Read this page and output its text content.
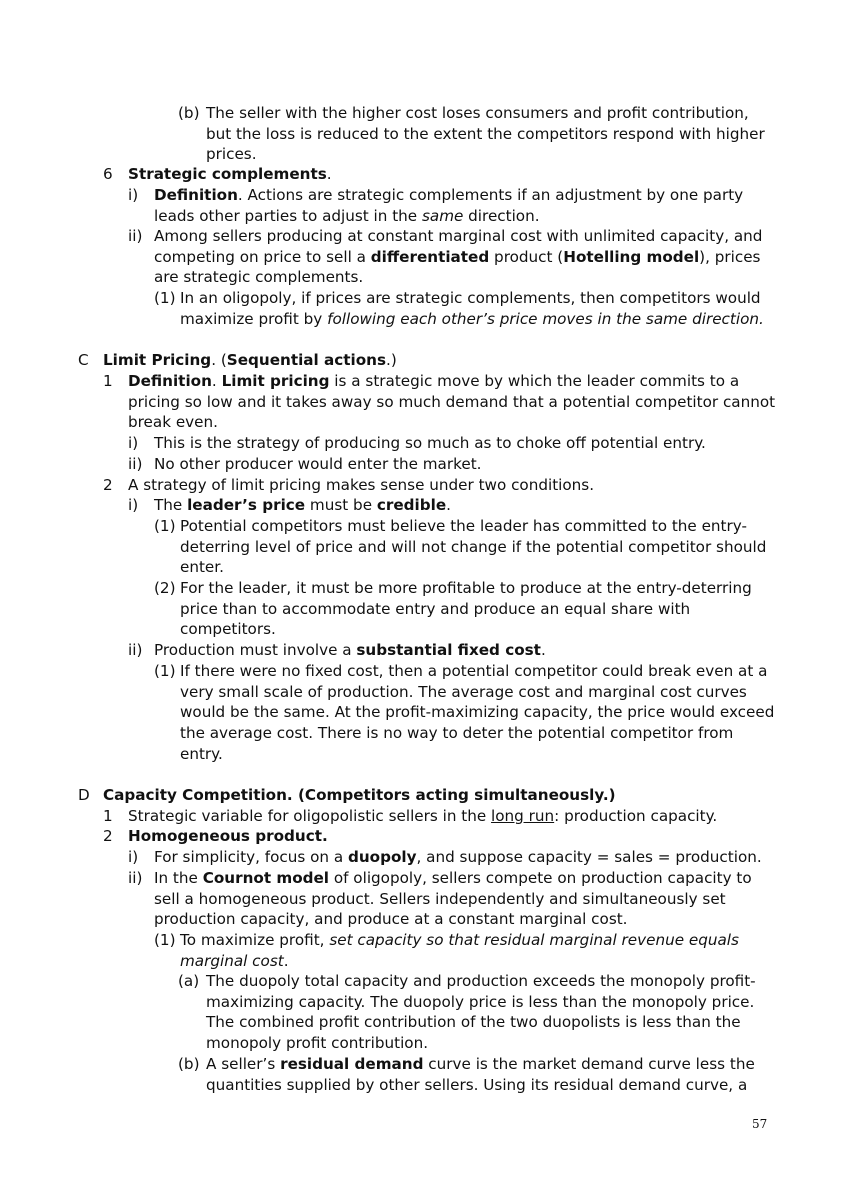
(b) The seller with the higher cost loses consumers and profit contribution,
but the loss is reduced to the extent the competitors respond with higher
prices.
6 Strategic complements.
i) Definition. Actions are strategic complements if an adjustment by one party
leads other parties to adjust in the same direction.
ii) Among sellers producing at constant marginal cost with unlimited capacity, and
competing on price to sell a differentiated product (Hotelling model), prices
are strategic complements.
(1) In an oligopoly, if prices are strategic complements, then competitors would
maximize profit by following each other’s price moves in the same direction.
C Limit Pricing. (Sequential actions.)
1 Definition. Limit pricing is a strategic move by which the leader commits to a
pricing so low and it takes away so much demand that a potential competitor cannot
break even.
i) This is the strategy of producing so much as to choke off potential entry.
ii) No other producer would enter the market.
2 A strategy of limit pricing makes sense under two conditions.
i) The leader’s price must be credible.
(1) Potential competitors must believe the leader has committed to the entry-
deterring level of price and will not change if the potential competitor should
enter.
(2) For the leader, it must be more profitable to produce at the entry-deterring
price than to accommodate entry and produce an equal share with
competitors.
ii) Production must involve a substantial fixed cost.
(1) If there were no fixed cost, then a potential competitor could break even at a
very small scale of production. The average cost and marginal cost curves
would be the same. At the profit-maximizing capacity, the price would exceed
the average cost. There is no way to deter the potential competitor from
entry.
D Capacity Competition. (Competitors acting simultaneously.)
1 Strategic variable for oligopolistic sellers in the long run: production capacity.
2 Homogeneous product.
i) For simplicity, focus on a duopoly, and suppose capacity = sales = production.
ii) In the Cournot model of oligopoly, sellers compete on production capacity to
sell a homogeneous product. Sellers independently and simultaneously set
production capacity, and produce at a constant marginal cost.
(1) To maximize profit, set capacity so that residual marginal revenue equals
marginal cost.
(a) The duopoly total capacity and production exceeds the monopoly profit-
maximizing capacity. The duopoly price is less than the monopoly price.
The combined profit contribution of the two duopolists is less than the
monopoly profit contribution.
(b) A seller’s residual demand curve is the market demand curve less the
quantities supplied by other sellers. Using its residual demand curve, a
57
